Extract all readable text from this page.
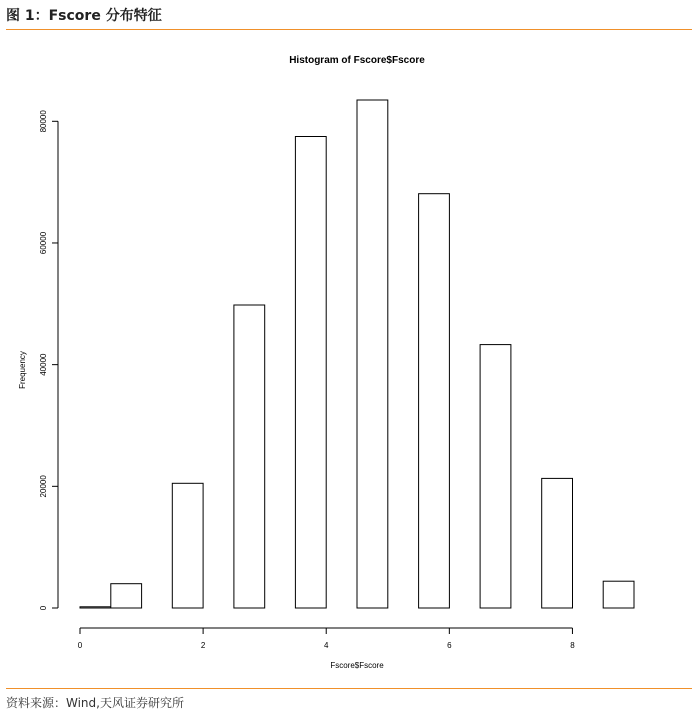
图 1：Fscore 分布特征
Histogram of Fscore$Fscore
0
20000
40000
60000
80000
0	2	4	6	8
Frequency
Fscore$Fscore
资料来源：Wind,天风证券研究所
